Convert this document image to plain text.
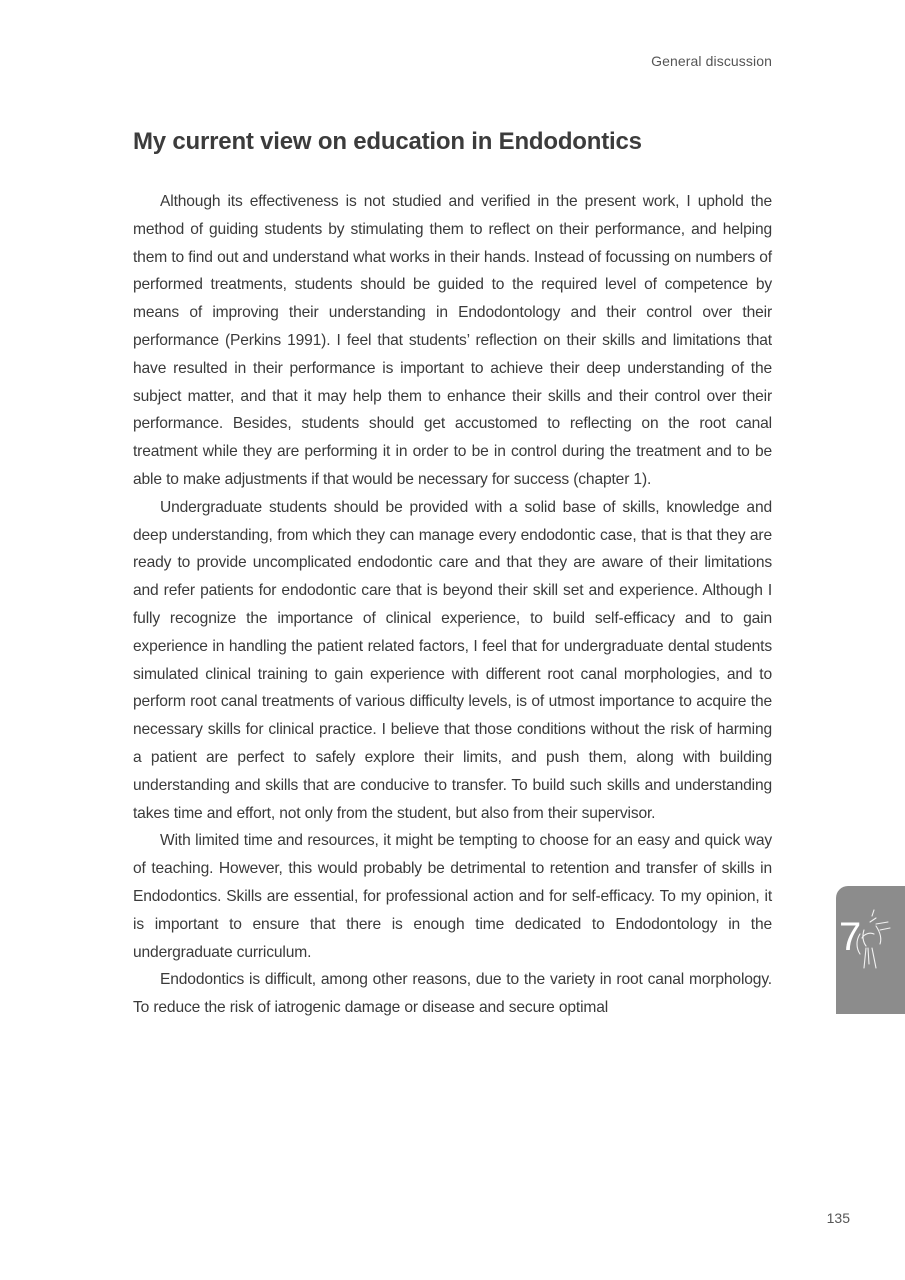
General discussion
My current view on education in Endodontics

Although its effectiveness is not studied and verified in the present work, I uphold the method of guiding students by stimulating them to reflect on their performance, and helping them to find out and understand what works in their hands. Instead of focussing on numbers of performed treatments, students should be guided to the required level of competence by means of improving their understanding in Endodontology and their control over their performance (Perkins 1991). I feel that students’ reflection on their skills and limitations that have resulted in their performance is important to achieve their deep understanding of the subject matter, and that it may help them to enhance their skills and their control over their performance. Besides, students should get accustomed to reflecting on the root canal treatment while they are performing it in order to be in control during the treatment and to be able to make adjustments if that would be necessary for success (chapter 1).

Undergraduate students should be provided with a solid base of skills, knowledge and deep understanding, from which they can manage every endodontic case, that is that they are ready to provide uncomplicated endodontic care and that they are aware of their limitations and refer patients for endodontic care that is beyond their skill set and experience. Although I fully recognize the importance of clinical experience, to build self-efficacy and to gain experience in handling the patient related factors, I feel that for undergraduate dental students simulated clinical training to gain experience with different root canal morphologies, and to perform root canal treatments of various difficulty levels, is of utmost importance to acquire the necessary skills for clinical practice. I believe that those conditions without the risk of harming a patient are perfect to safely explore their limits, and push them, along with building understanding and skills that are conducive to transfer. To build such skills and understanding takes time and effort, not only from the student, but also from their supervisor.

With limited time and resources, it might be tempting to choose for an easy and quick way of teaching. However, this would probably be detrimental to retention and transfer of skills in Endodontics. Skills are essential, for professional action and for self-efficacy. To my opinion, it is important to ensure that there is enough time dedicated to Endodontology in the undergraduate curriculum.

Endodontics is difficult, among other reasons, due to the variety in root canal morphology. To reduce the risk of iatrogenic damage or disease and secure optimal

7
135
